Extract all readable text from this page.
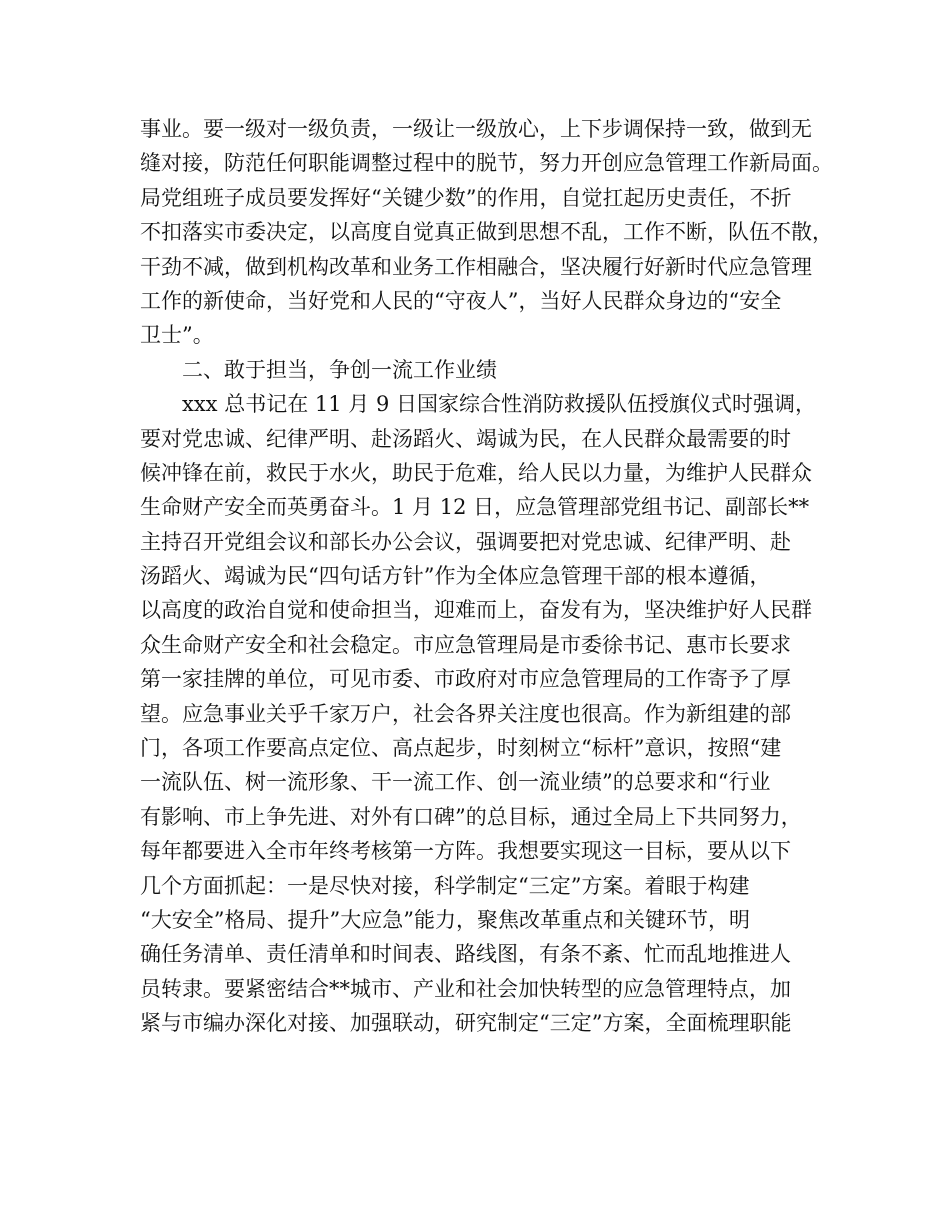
事业。要一级对一级负责，一级让一级放心，上下步调保持一致，做到无
缝对接，防范任何职能调整过程中的脱节，努力开创应急管理工作新局面。
局党组班子成员要发挥好“关键少数”的作用，自觉扛起历史责任，不折
不扣落实市委决定，以高度自觉真正做到思想不乱，工作不断，队伍不散，
干劲不减，做到机构改革和业务工作相融合，坚决履行好新时代应急管理
工作的新使命，当好党和人民的“守夜人”，当好人民群众身边的“安全
卫士”。
二、敢于担当，争创一流工作业绩
xxx 总书记在 11 月 9 日国家综合性消防救援队伍授旗仪式时强调，
要对党忠诚、纪律严明、赴汤蹈火、竭诚为民，在人民群众最需要的时
候冲锋在前，救民于水火，助民于危难，给人民以力量，为维护人民群众
生命财产安全而英勇奋斗。1 月 12 日，应急管理部党组书记、副部长**
主持召开党组会议和部长办公会议，强调要把对党忠诚、纪律严明、赴
汤蹈火、竭诚为民“四句话方针”作为全体应急管理干部的根本遵循，
以高度的政治自觉和使命担当，迎难而上，奋发有为，坚决维护好人民群
众生命财产安全和社会稳定。市应急管理局是市委徐书记、惠市长要求
第一家挂牌的单位，可见市委、市政府对市应急管理局的工作寄予了厚
望。应急事业关乎千家万户，社会各界关注度也很高。作为新组建的部
门，各项工作要高点定位、高点起步，时刻树立“标杆”意识，按照“建
一流队伍、树一流形象、干一流工作、创一流业绩”的总要求和“行业
有影响、市上争先进、对外有口碑”的总目标，通过全局上下共同努力，
每年都要进入全市年终考核第一方阵。我想要实现这一目标，要从以下
几个方面抓起：一是尽快对接，科学制定“三定”方案。着眼于构建
“大安全”格局、提升”大应急”能力，聚焦改革重点和关键环节，明
确任务清单、责任清单和时间表、路线图，有条不紊、忙而乱地推进人
员转隶。要紧密结合**城市、产业和社会加快转型的应急管理特点，加
紧与市编办深化对接、加强联动，研究制定“三定”方案，全面梳理职能
